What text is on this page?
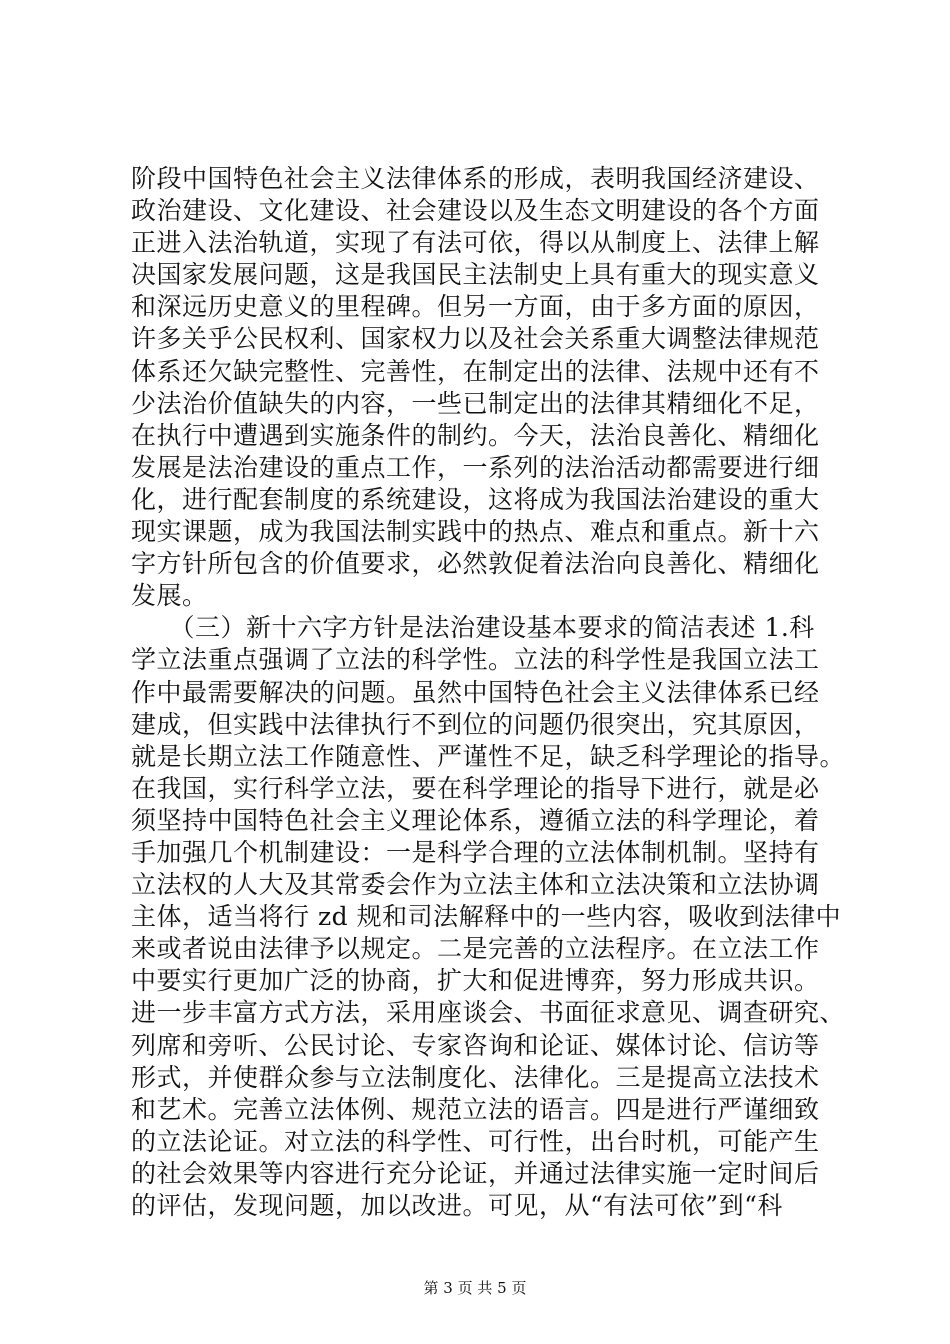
阶段中国特色社会主义法律体系的形成，表明我国经济建设、
政治建设、文化建设、社会建设以及生态文明建设的各个方面
正进入法治轨道，实现了有法可依，得以从制度上、法律上解
决国家发展问题，这是我国民主法制史上具有重大的现实意义
和深远历史意义的里程碑。但另一方面，由于多方面的原因，
许多关乎公民权利、国家权力以及社会关系重大调整法律规范
体系还欠缺完整性、完善性，在制定出的法律、法规中还有不
少法治价值缺失的内容，一些已制定出的法律其精细化不足，
在执行中遭遇到实施条件的制约。今天，法治良善化、精细化
发展是法治建设的重点工作，一系列的法治活动都需要进行细
化，进行配套制度的系统建设，这将成为我国法治建设的重大
现实课题，成为我国法制实践中的热点、难点和重点。新十六
字方针所包含的价值要求，必然敦促着法治向良善化、精细化
发展。
　　（三）新十六字方针是法治建设基本要求的简洁表述 1.科
学立法重点强调了立法的科学性。立法的科学性是我国立法工
作中最需要解决的问题。虽然中国特色社会主义法律体系已经
建成，但实践中法律执行不到位的问题仍很突出，究其原因，
就是长期立法工作随意性、严谨性不足，缺乏科学理论的指导。
在我国，实行科学立法，要在科学理论的指导下进行，就是必
须坚持中国特色社会主义理论体系，遵循立法的科学理论，着
手加强几个机制建设：一是科学合理的立法体制机制。坚持有
立法权的人大及其常委会作为立法主体和立法决策和立法协调
主体，适当将行 zd 规和司法解释中的一些内容，吸收到法律中
来或者说由法律予以规定。二是完善的立法程序。在立法工作
中要实行更加广泛的协商，扩大和促进博弈，努力形成共识。
进一步丰富方式方法，采用座谈会、书面征求意见、调查研究、
列席和旁听、公民讨论、专家咨询和论证、媒体讨论、信访等
形式，并使群众参与立法制度化、法律化。三是提高立法技术
和艺术。完善立法体例、规范立法的语言。四是进行严谨细致
的立法论证。对立法的科学性、可行性，出台时机，可能产生
的社会效果等内容进行充分论证，并通过法律实施一定时间后
的评估，发现问题，加以改进。可见，从“有法可依”到“科
第 3 页 共 5 页
